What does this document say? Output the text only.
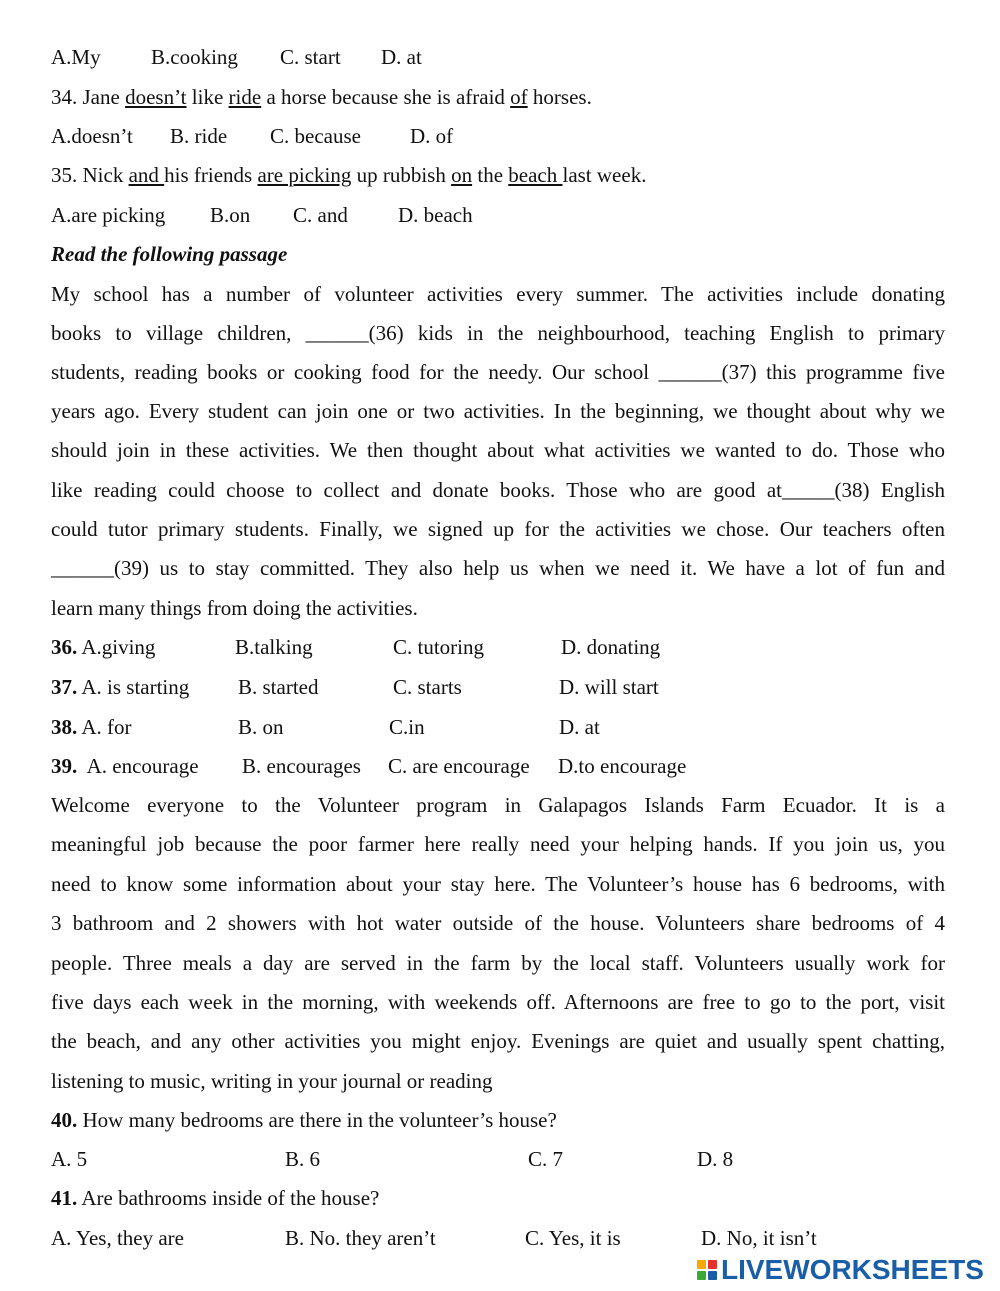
A.My B.cooking C. start D. at
34. Jane doesn’t like ride a horse because she is afraid of horses.
A.doesn’t B. ride C. because D. of
35. Nick and his friends are picking up rubbish on the beach last week.
A.are picking B.on C. and D. beach
Read the following passage
My school has a number of volunteer activities every summer. The activities include donating
books to village children, ______(36) kids in the neighbourhood, teaching English to primary
students, reading books or cooking food for the needy. Our school ______(37) this programme five
years ago. Every student can join one or two activities. In the beginning, we thought about why we
should join in these activities. We then thought about what activities we wanted to do. Those who
like reading could choose to collect and donate books. Those who are good at_____(38) English
could tutor primary students. Finally, we signed up for the activities we chose. Our teachers often
______(39) us to stay committed. They also help us when we need it. We have a lot of fun and
learn many things from doing the activities.
36. A.giving	B.talking	C. tutoring	D. donating
37. A. is starting B. started	C. starts	D. will start
38. A. for	B. on	C.in	D. at
39. A. encourage B. encourages C. are encourage D.to encourage
Welcome everyone to the Volunteer program in Galapagos Islands Farm Ecuador. It is a
meaningful job because the poor farmer here really need your helping hands. If you join us, you
need to know some information about your stay here. The Volunteer’s house has 6 bedrooms, with
3 bathroom and 2 showers with hot water outside of the house. Volunteers share bedrooms of 4
people. Three meals a day are served in the farm by the local staff. Volunteers usually work for
five days each week in the morning, with weekends off. Afternoons are free to go to the port, visit
the beach, and any other activities you might enjoy. Evenings are quiet and usually spent chatting,
listening to music, writing in your journal or reading
40. How many bedrooms are there in the volunteer’s house?
A. 5	B. 6	C. 7	D. 8
41. Are bathrooms inside of the house?
A. Yes, they are	B. No. they aren’t	C. Yes, it is	D. No, it isn’t
LIVEWORKSHEETS
